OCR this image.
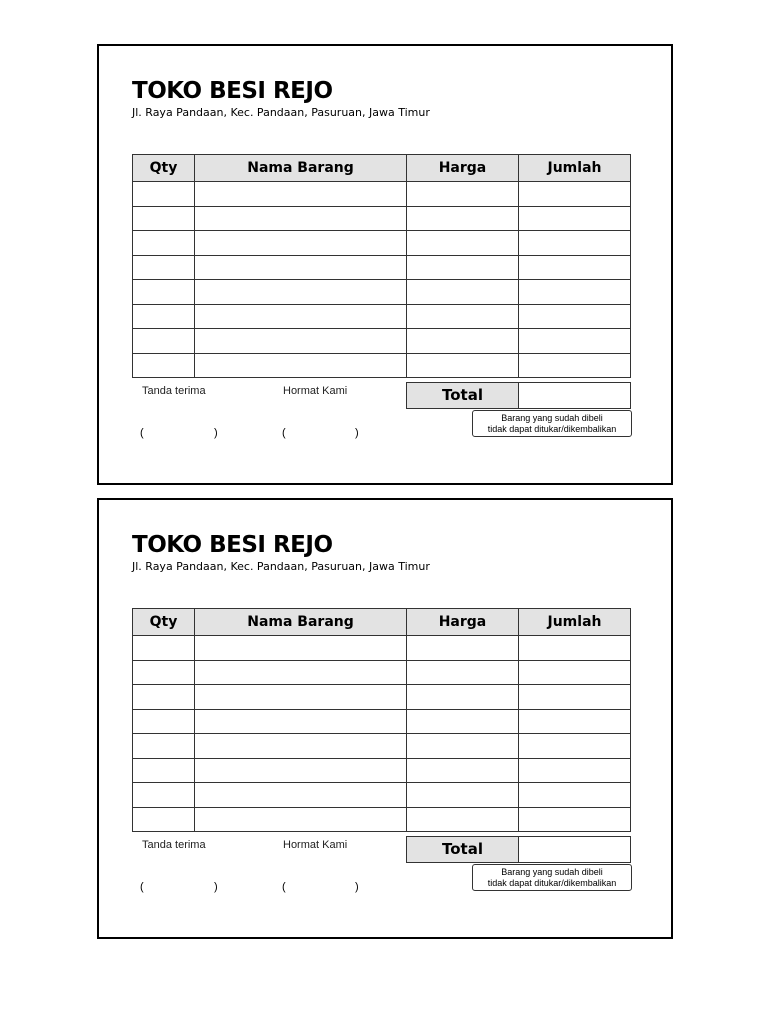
TOKO BESI REJO

Jl. Raya Pandaan, Kec. Pandaan, Pasuruan, Jawa Timur

Qty	Nama Barang	Harga	Jumlah

Tanda terima	Hormat Kami
(	)	(	)
Total
Barang yang sudah dibeli
tidak dapat ditukar/dikembalikan
TOKO BESI REJO

Jl. Raya Pandaan, Kec. Pandaan, Pasuruan, Jawa Timur

Qty	Nama Barang	Harga	Jumlah

Tanda terima	Hormat Kami
(	)	(	)
Total
Barang yang sudah dibeli
tidak dapat ditukar/dikembalikan
